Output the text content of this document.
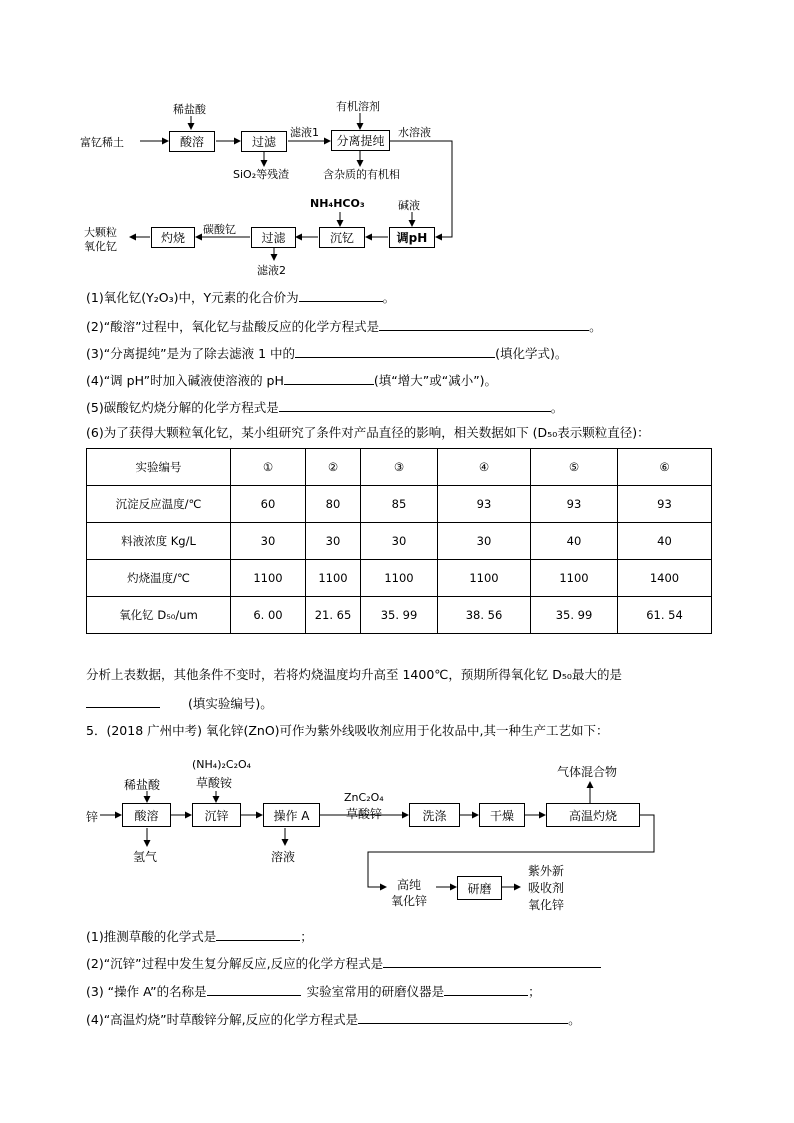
富钇稀土
稀盐酸
酸溶	过滤
滤液1
有机溶剂
分离提纯
水溶液
SiO₂等残渣	含杂质的有机相
NH₄HCO₃	碱液
调pH
沉钇
过滤
碳酸钇
灼烧
大颗粒
氧化钇
滤液2
(1)氧化钇(Y₂O₃)中，Y元素的化合价为	。
(2)“酸溶”过程中，氧化钇与盐酸反应的化学方程式是	。
(3)“分离提纯”是为了除去滤液 1 中的	(填化学式)。
(4)“调 pH”时加入碱液使溶液的 pH	(填“增大”或“减小”)。
(5)碳酸钇灼烧分解的化学方程式是	。
(6)为了获得大颗粒氧化钇，某小组研究了条件对产品直径的影响，相关数据如下 (D₅₀表示颗粒直径)：
实验编号	①	②	③	④	⑤	⑥
沉淀反应温度/℃	60	80	85	93	93	93
料液浓度 Kg/L	30	30	30	30	40	40
灼烧温度/℃	1100	1100	1100	1100	1100	1400
氧化钇 D₅₀/um	6. 00	21. 65	35. 99	38. 56	35. 99	61. 54
分析上表数据，其他条件不变时，若将灼烧温度均升高至 1400℃，预期所得氧化钇 D₅₀最大的是
(填实验编号)。
5．(2018 广州中考) 氧化锌(ZnO)可作为紫外线吸收剂应用于化妆品中,其一种生产工艺如下：
锌
稀盐酸
酸溶
氢气
(NH₄)₂C₂O₄
草酸铵
沉锌	操作 A
溶液
ZnC₂O₄
草酸锌	洗涤	干燥	高温灼烧
气体混合物
高纯
氧化锌
研磨
紫外新
吸收剂
氧化锌
(1)推测草酸的化学式是	；
(2)“沉锌”过程中发生复分解反应,反应的化学方程式是
(3) “操作 A”的名称是	实验室常用的研磨仪器是	；
(4)“高温灼烧”时草酸锌分解,反应的化学方程式是	。
